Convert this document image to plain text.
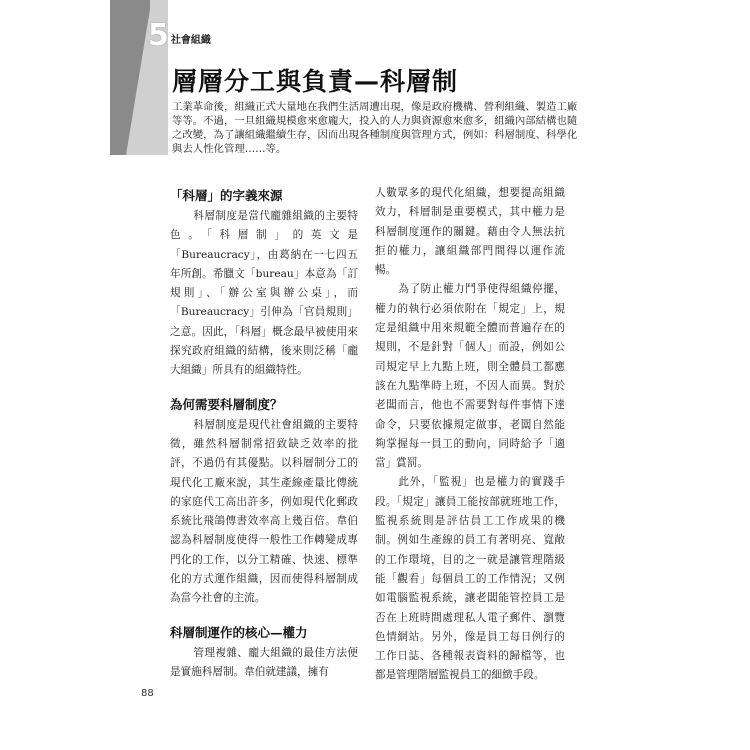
5 社會組織
層層分工與負責—科層制
工業革命後，組織正式大量地在我們生活周遭出現，像是政府機構、營利組織、製造工廠等等。不過，一旦組織規模愈來愈龐大，投入的人力與資源愈來愈多，組織內部結構也隨之改變，為了讓組織繼續生存，因而出現各種制度與管理方式，例如：科層制度、科學化與去人性化管理……等。
「科層」的字義來源

科層制度是當代龐雜組織的主要特色。「科層制」的英文是「Bureaucracy」，由葛納在一七四五年所創。希臘文「bureau」本意為「訂規則」、「辦公室與辦公桌」，而「Bureaucracy」引伸為「官員規則」之意。因此，「科層」概念最早被使用來探究政府組織的結構，後來則泛稱「龐大組織」所具有的組織特性。

為何需要科層制度？

科層制度是現代社會組織的主要特徵，雖然科層制常招致缺乏效率的批評，不過仍有其優點。以科層制分工的現代化工廠來說，其生產線產量比傳統的家庭代工高出許多，例如現代化郵政系統比飛鴿傳書效率高上幾百倍。韋伯認為科層制度使得一般性工作轉變成專門化的工作，以分工精確、快速、標準化的方式運作組織，因而使得科層制成為當今社會的主流。

科層制運作的核心—權力

管理複雜、龐大組織的最佳方法便是實施科層制。韋伯就建議，擁有

人數眾多的現代化組織，想要提高組織效力，科層制是重要模式，其中權力是科層制度運作的關鍵。藉由令人無法抗拒的權力，讓組織部門間得以運作流暢。

為了防止權力鬥爭使得組織停擺，權力的執行必須依附在「規定」上，規定是組織中用來規範全體而普遍存在的規則，不是針對「個人」而設，例如公司規定早上九點上班，則全體員工都應該在九點準時上班，不因人而異。對於老闆而言，他也不需要對每件事情下達命令，只要依據規定做事，老闆自然能夠掌握每一員工的動向，同時給予「適當」賞罰。

此外，「監視」也是權力的實踐手段。「規定」讓員工能按部就班地工作，監視系統則是評估員工工作成果的機制。例如生產線的員工有著明亮、寬敞的工作環境，目的之一就是讓管理階級能「觀看」每個員工的工作情況；又例如電腦監視系統，讓老闆能管控員工是否在上班時間處理私人電子郵件、瀏覽色情網站。另外，像是員工每日例行的工作日誌、各種報表資料的歸檔等，也都是管理階層監視員工的細緻手段。

88
